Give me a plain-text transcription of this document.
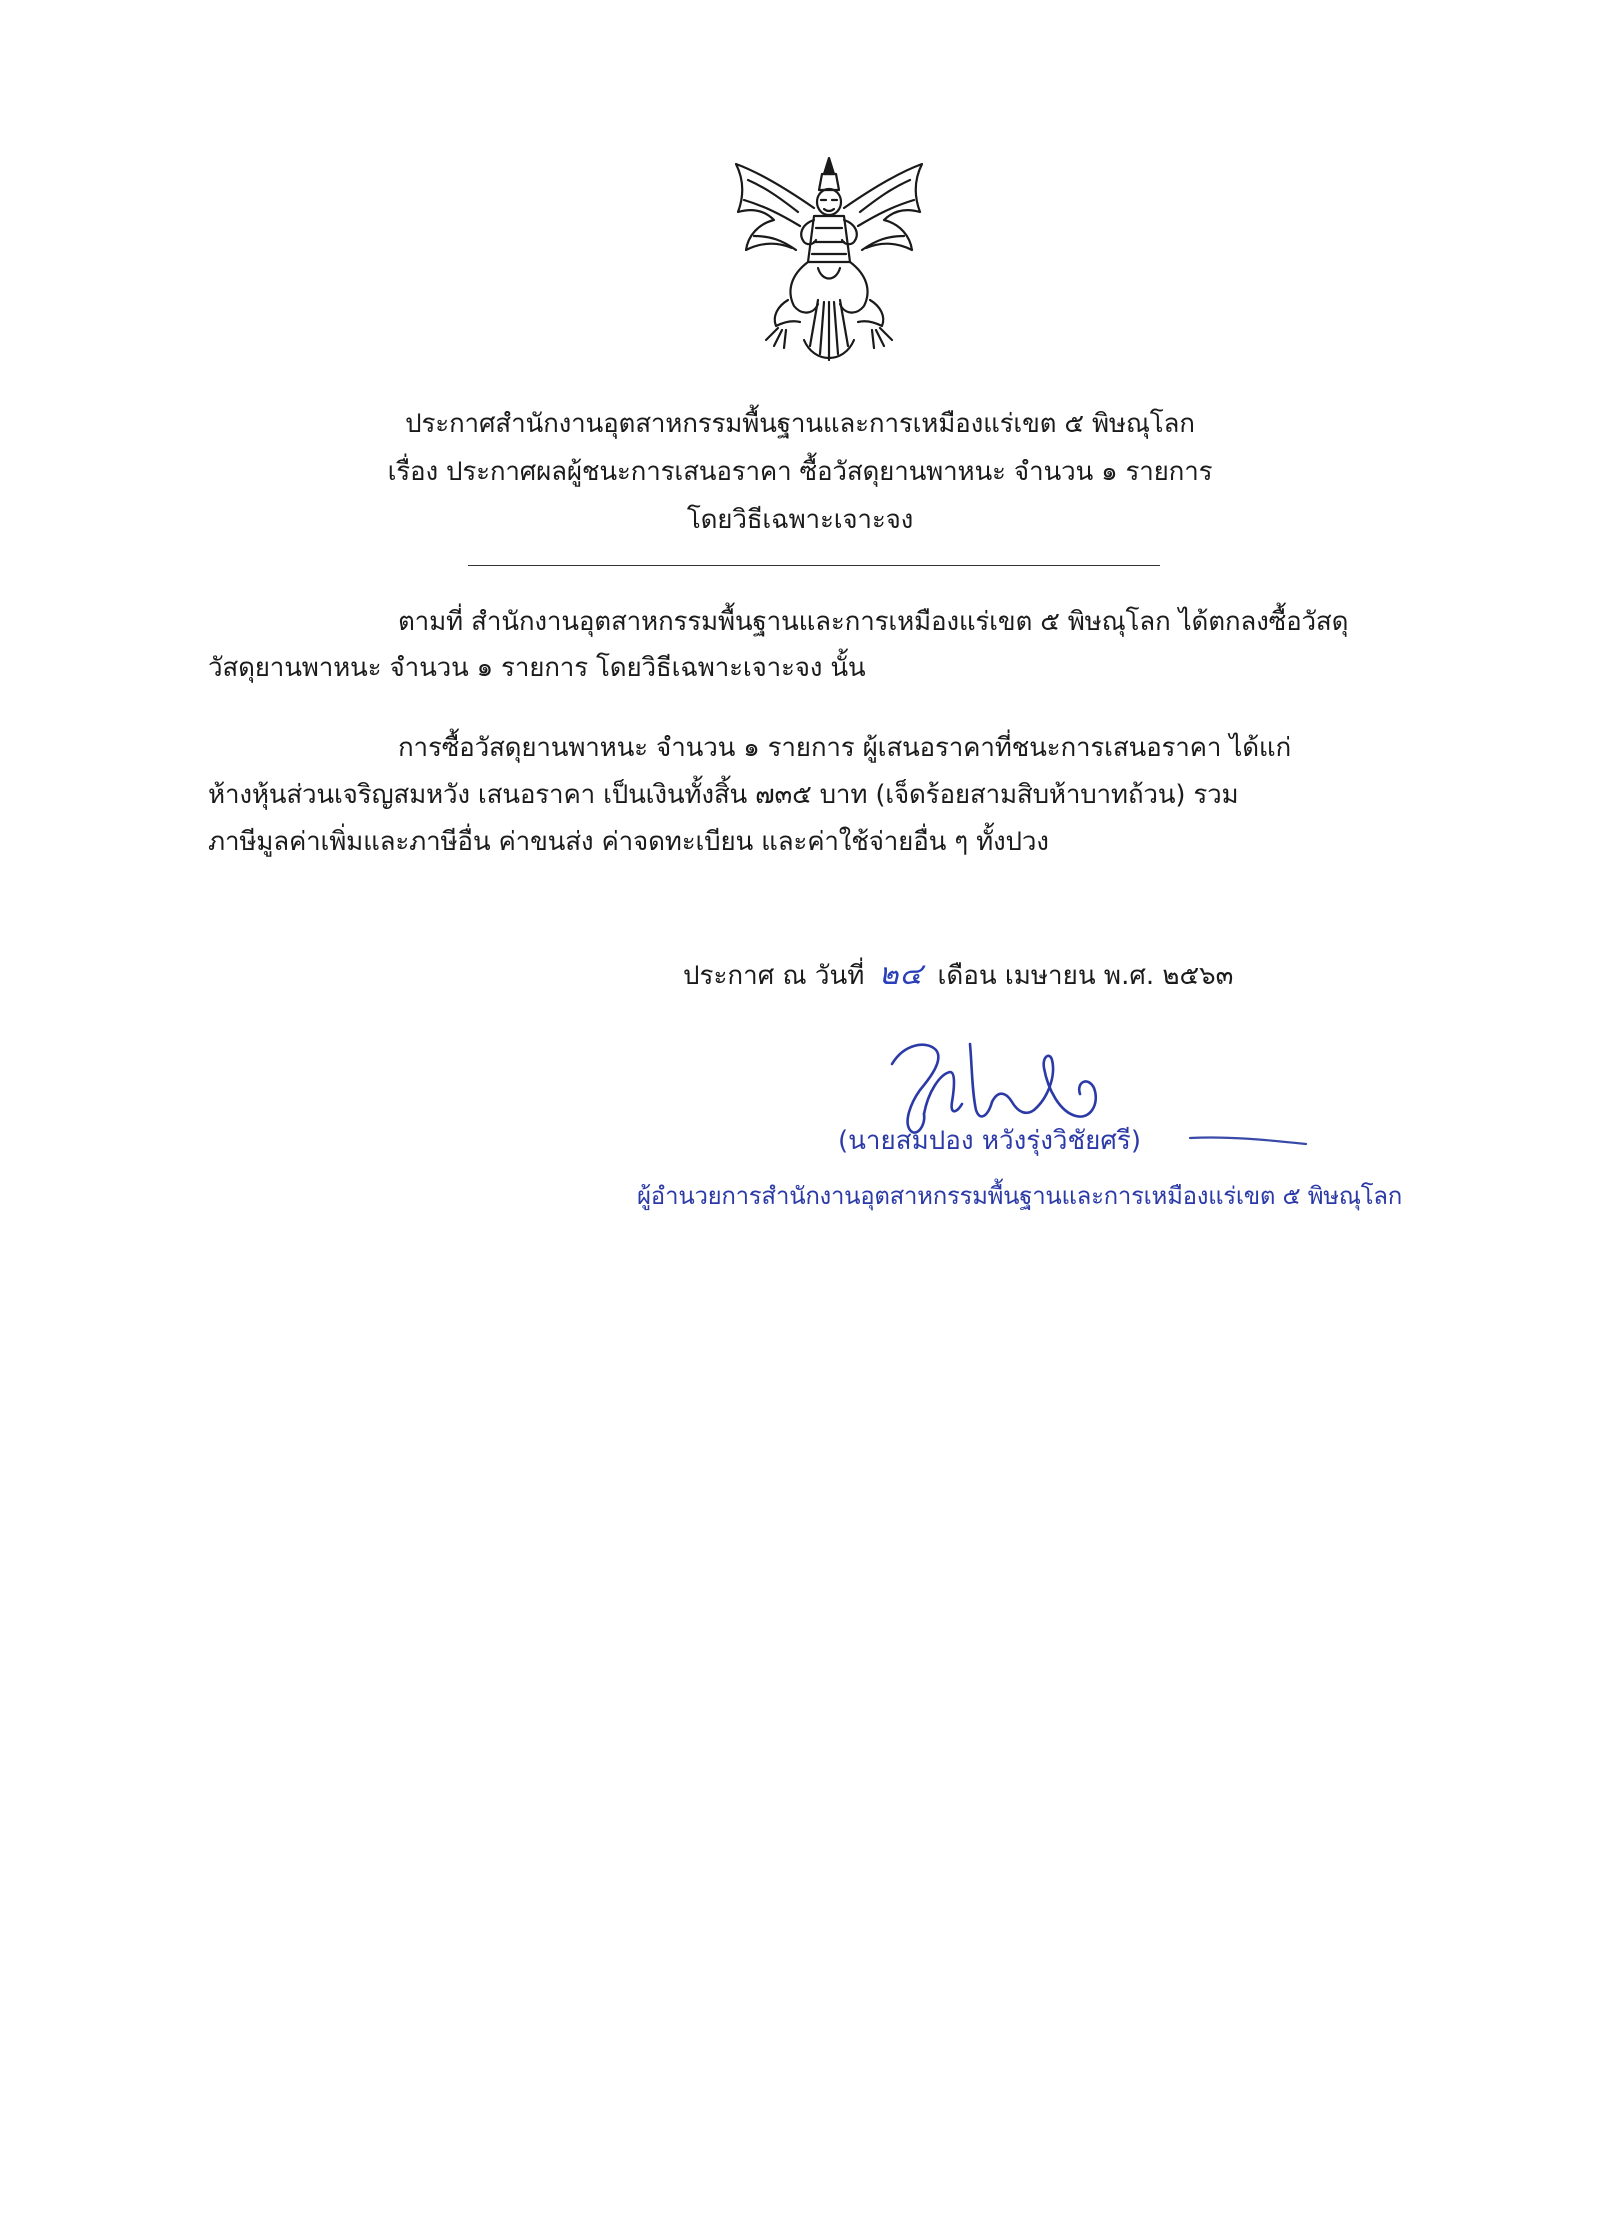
ประกาศสำนักงานอุตสาหกรรมพื้นฐานและการเหมืองแร่เขต ๕ พิษณุโลก
เรื่อง ประกาศผลผู้ชนะการเสนอราคา ซื้อวัสดุยานพาหนะ จำนวน ๑ รายการ
โดยวิธีเฉพาะเจาะจง
ตามที่ สำนักงานอุตสาหกรรมพื้นฐานและการเหมืองแร่เขต ๕ พิษณุโลก ได้ตกลงซื้อวัสดุ
วัสดุยานพาหนะ จำนวน ๑ รายการ โดยวิธีเฉพาะเจาะจง นั้น
การซื้อวัสดุยานพาหนะ จำนวน ๑ รายการ ผู้เสนอราคาที่ชนะการเสนอราคา ได้แก่
ห้างหุ้นส่วนเจริญสมหวัง เสนอราคา เป็นเงินทั้งสิ้น ๗๓๕ บาท (เจ็ดร้อยสามสิบห้าบาทถ้วน) รวม
ภาษีมูลค่าเพิ่มและภาษีอื่น ค่าขนส่ง ค่าจดทะเบียน และค่าใช้จ่ายอื่น ๆ ทั้งปวง
ประกาศ ณ วันที่ ๒๔ เดือน เมษายน พ.ศ. ๒๕๖๓
(นายสมปอง หวังรุ่งวิชัยศรี)
ผู้อำนวยการสำนักงานอุตสาหกรรมพื้นฐานและการเหมืองแร่เขต ๕ พิษณุโลก
